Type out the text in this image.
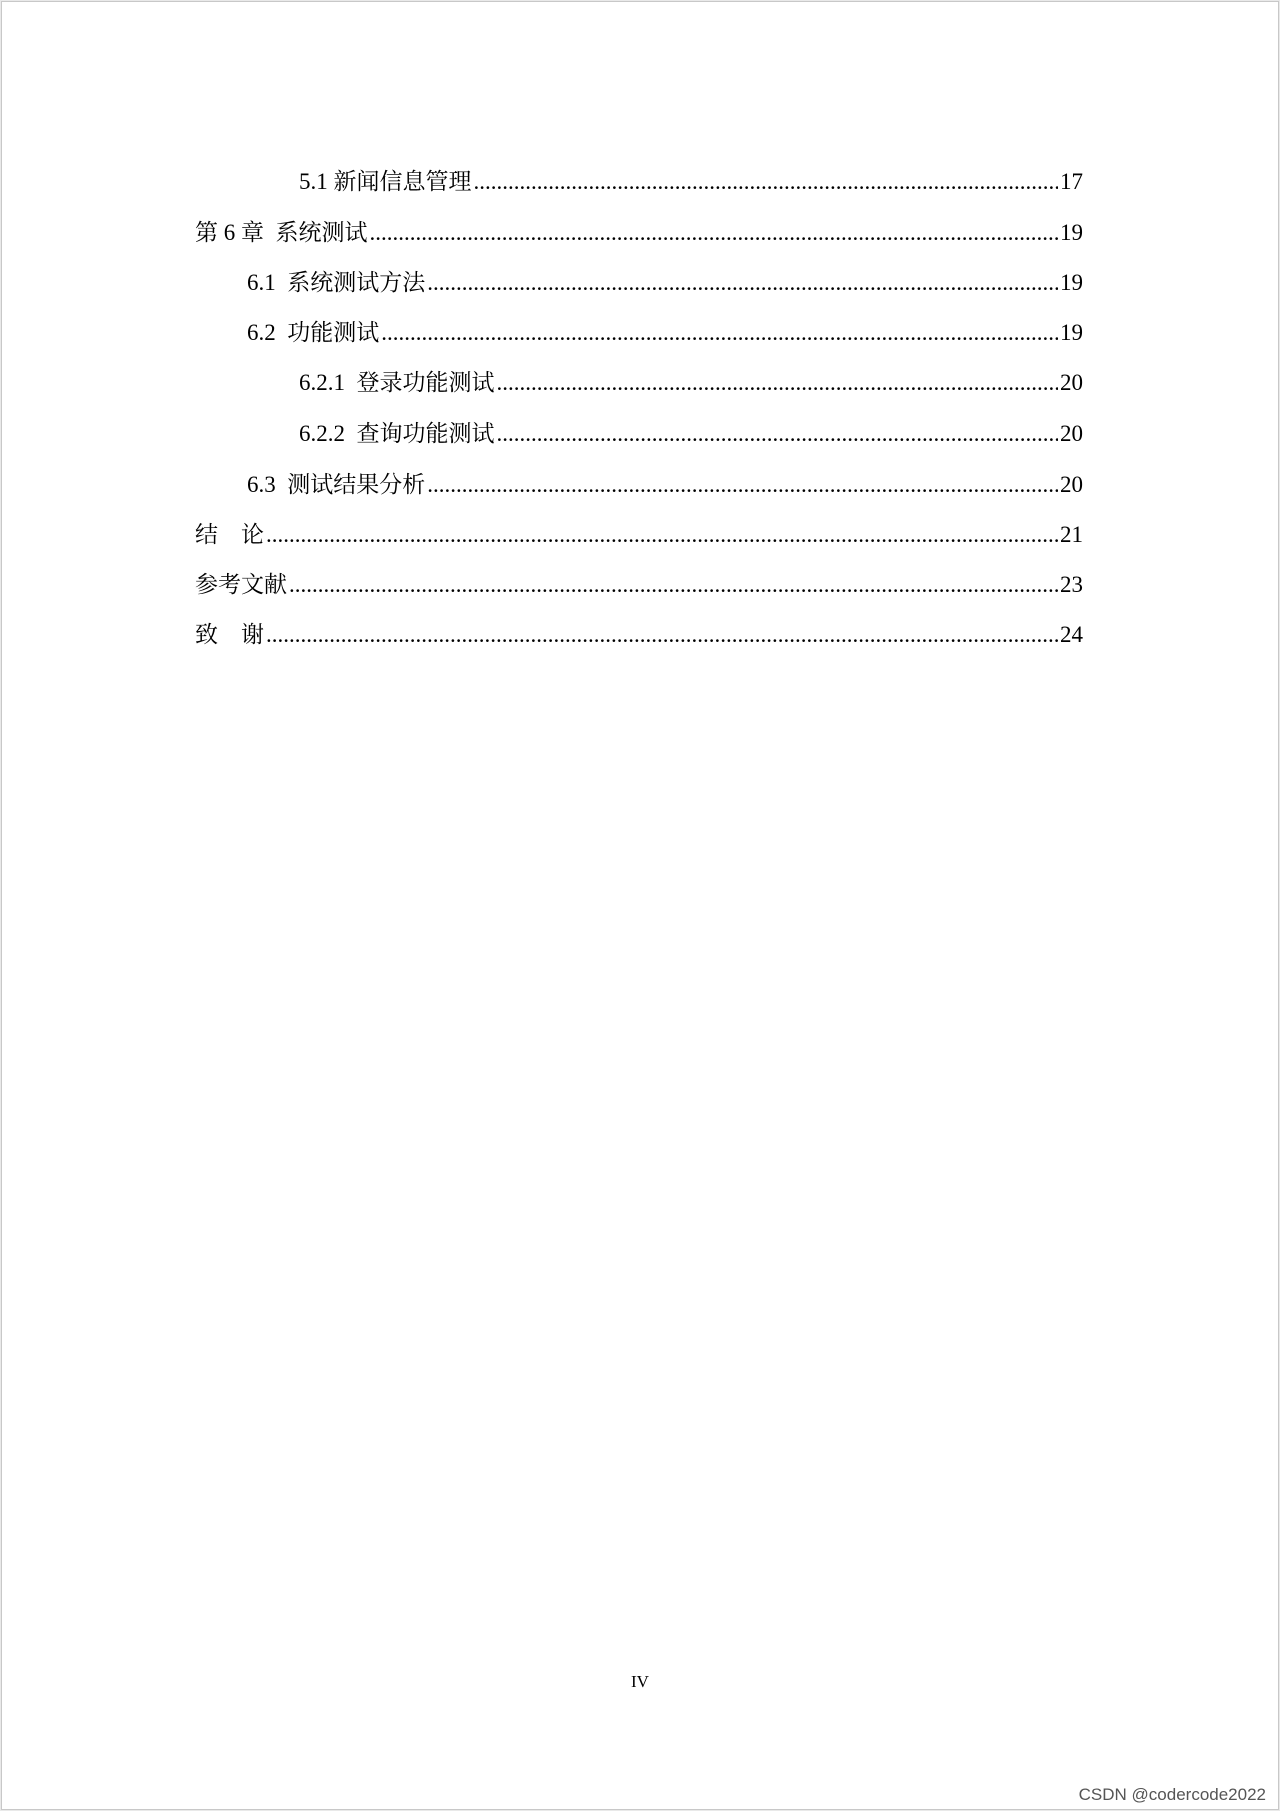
5.1 新闻信息管理 .....	17
第 6 章  系统测试 .....	19
6.1  系统测试方法 .....	19
6.2  功能测试 .....	19
6.2.1  登录功能测试 .....	20
6.2.2  查询功能测试 .....	20
6.3  测试结果分析 .....	20
结    论 .....	21
参考文献 .....	23
致    谢 .....	24
IV
CSDN @codercode2022
